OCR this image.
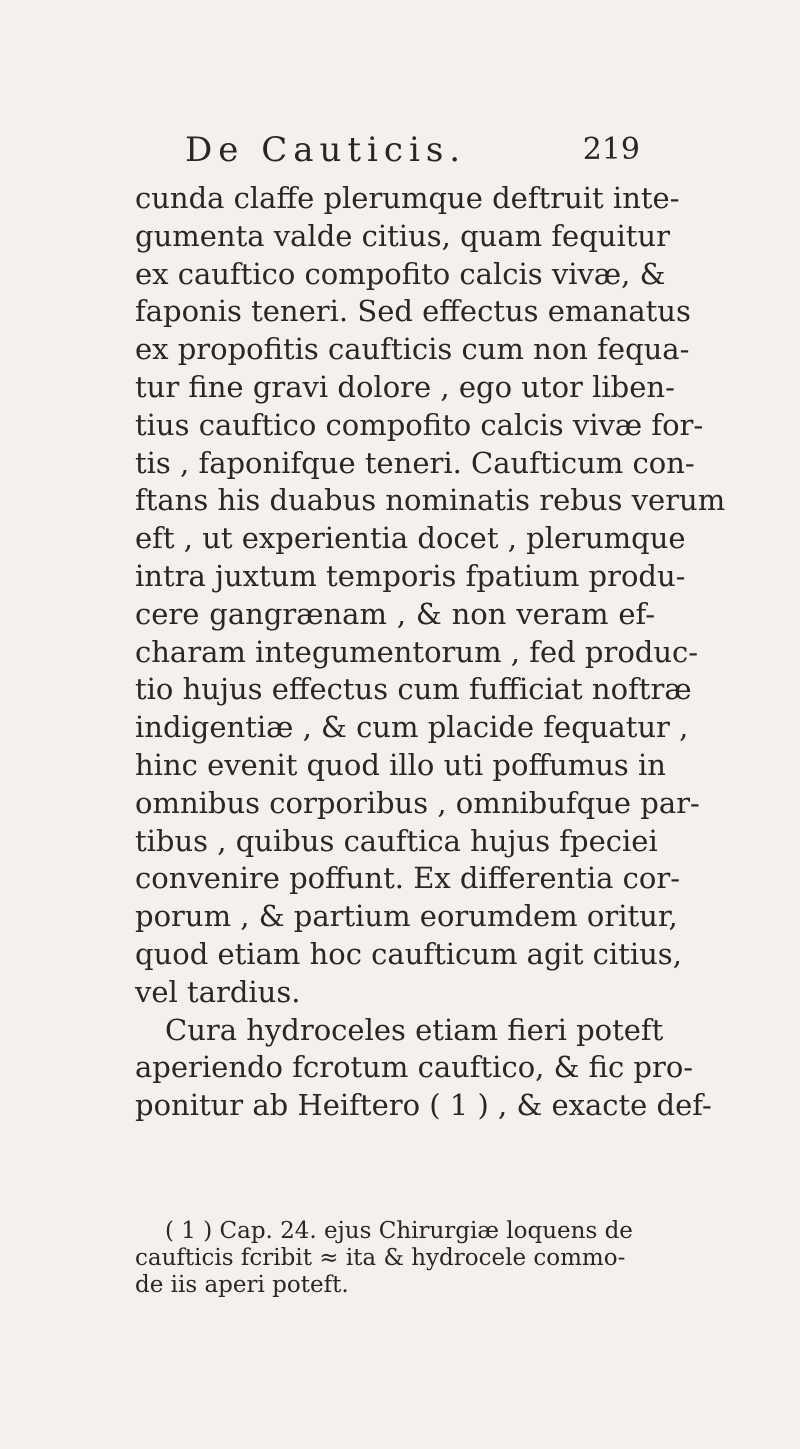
De Cauticis.	219
cunda claffe plerumque deftruit inte-
gumenta valde citius, quam fequitur
ex cauftico compofito calcis vivæ, &
faponis teneri. Sed effectus emanatus
ex propofitis caufticis cum non fequa-
tur fine gravi dolore , ego utor liben-
tius cauftico compofito calcis vivæ for-
tis , faponifque teneri. Caufticum con-
ftans his duabus nominatis rebus verum
eft , ut experientia docet , plerumque
intra juxtum temporis fpatium produ-
cere gangrænam , & non veram ef-
charam integumentorum , fed produc-
tio hujus effectus cum fufficiat noftræ
indigentiæ , & cum placide fequatur ,
hinc evenit quod illo uti poffumus in
omnibus corporibus , omnibufque par-
tibus , quibus cauftica hujus fpeciei
convenire poffunt. Ex differentia cor-
porum , & partium eorumdem oritur,
quod etiam hoc caufticum agit citius,
vel tardius.
Cura hydroceles etiam fieri poteft
aperiendo fcrotum cauftico, & fic pro-
ponitur ab Heiftero ( 1 ) , & exacte def-
( 1 ) Cap. 24. ejus Chirurgiæ loquens de
caufticis fcribit ≈ ita & hydrocele commo-
de iis aperi poteft.
